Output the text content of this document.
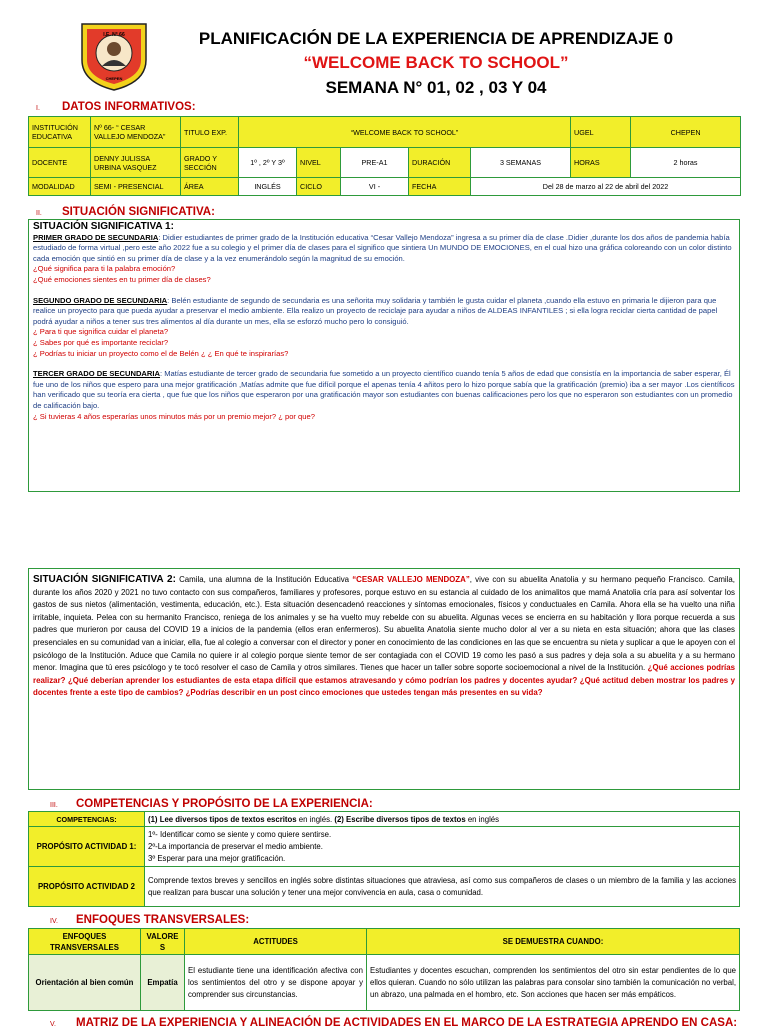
I.E. N° 66
CHEPEN
PLANIFICACIÓN DE LA EXPERIENCIA DE APRENDIZAJE 0
“WELCOME BACK TO SCHOOL”
SEMANA N° 01, 02 , 03 Y 04
I. DATOS INFORMATIVOS:
INSTITUCIÓN EDUCATIVA	Nº 66- “ CESAR VALLEJO MENDOZA”	TITULO EXP.	“WELCOME BACK TO SCHOOL”					UGEL	CHEPEN
DOCENTE	DENNY JULISSA URBINA VASQUEZ	GRADO Y SECCIÓN	1º , 2º Y 3º	NIVEL	PRE-A1	DURACIÓN	3 SEMANAS	HORAS	2 horas
MODALIDAD	SEMI - PRESENCIAL	ÁREA	INGLÉS	CICLO	VI -	FECHA	Del 28 de marzo al 22 de abril del 2022		
II. SITUACIÓN SIGNIFICATIVA:

SITUACIÓN SIGNIFICATIVA 1:

PRIMER GRADO DE SECUNDARIA: Didier estudiantes de primer grado de la Institución educativa “Cesar Vallejo Mendoza” ingresa a su primer día de clase .Didier ,durante los dos años de pandemia había estudiado de forma virtual ,pero este año 2022 fue a su colegio y el primer día de clases para el significo que sintiera Un MUNDO DE EMOCIONES, en el cual hizo una gráfica coloreando con un color distinto cada emoción que sintió en su primer día de clase y a la vez enumerándolo según la magnitud de su emoción.

¿Qué significa para ti la palabra emoción?

¿Qué emociones sientes en tu primer día de clases?

SEGUNDO GRADO DE SECUNDARIA: Belén estudiante de segundo de secundaria es una señorita muy solidaria y también le gusta cuidar el planeta ,cuando ella estuvo en primaria le dijieron para que realice un proyecto para que pueda ayudar a preservar el medio ambiente. Ella realizo un proyecto de reciclaje para ayudar a niños de ALDEAS INFANTILES ; si ella logra reciclar cierta cantidad de papel podrá ayudar a niños a tener sus tres alimentos al día durante un mes, ella se esforzó mucho pero lo consiguió.

¿ Para ti que significa cuidar el planeta?

¿ Sabes por qué es importante reciclar?

¿ Podrías tu iniciar un proyecto como el de Belén ¿ ¿ En qué te inspirarías?

TERCER GRADO DE SECUNDARIA: Matías estudiante de tercer grado de secundaria fue sometido a un proyecto científico cuando tenía 5 años de edad que consistía en la importancia de saber esperar, Él fue uno de los niños que espero para una mejor gratificación ,Matías admite que fue difícil porque el apenas tenía 4 añitos pero lo hizo porque sabía que la gratificación (premio) iba a ser mayor .Los científicos han verificado que su teoría era cierta , que fue que los niños que esperaron por una gratificación mayor son estudiantes con buenas calificaciones pero los que no esperaron son estudiantes con un promedio de calificación bajo.

¿ Si tuvieras 4 años esperarías unos minutos más por un premio mejor? ¿ por que?

SITUACIÓN SIGNIFICATIVA 2: Camila, una alumna de la Institución Educativa “CESAR VALLEJO MENDOZA”, vive con su abuelita Anatolia y su hermano pequeño Francisco. Camila, durante los años 2020 y 2021 no tuvo contacto con sus compañeros, familiares y profesores, porque estuvo en su estancia al cuidado de los animalitos que mamá Anatolia cría para así solventar los gastos de sus nietos (alimentación, vestimenta, educación, etc.). Esta situación desencadenó reacciones y síntomas emocionales, físicos y conductuales en Camila. Ahora ella se ha vuelto una niña irritable, inquieta. Pelea con su hermanito Francisco, reniega de los animales y se ha vuelto muy rebelde con su abuelita. Algunas veces se encierra en su habitación y llora porque recuerda a sus padres que murieron por causa del COVID 19 a inicios de la pandemia (ellos eran enfermeros). Su abuelita Anatolia siente mucho dolor al ver a su nieta en esta situación; ahora que las clases presenciales en su comunidad van a iniciar, ella, fue al colegio a conversar con el director y poner en conocimiento de las condiciones en las que se encuentra su nieta y suplicar a que le apoyen con el psicólogo de la Institución. Aduce que Camila no quiere ir al colegio porque siente temor de ser contagiada con el COVID 19 como les pasó a sus padres y deja sola a su abuelita y a su hermano menor. Imagina que tú eres psicólogo y te tocó resolver el caso de Camila y otros similares. Tienes que hacer un taller sobre soporte socioemocional a nivel de la Institución. ¿Qué acciones podrías realizar? ¿Qué deberían aprender los estudiantes de esta etapa difícil que estamos atravesando y cómo podrían los padres y docentes ayudar? ¿Qué actitud deben mostrar los padres y docentes frente a este tipo de cambios? ¿Podrías describir en un post cinco emociones que ustedes tengan más presentes en su vida?

III. COMPETENCIAS Y PROPÓSITO DE LA EXPERIENCIA:
COMPETENCIAS:	(1) Lee diversos tipos de textos escritos en inglés. (2) Escribe diversos tipos de textos en inglés
PROPÓSITO ACTIVIDAD 1:	1º- Identificar como se siente y como quiere sentirse.
2º-La importancia de preservar el medio ambiente.
3º Esperar para una mejor gratificación.

PROPÓSITO ACTIVIDAD 2	Comprende textos breves y sencillos en inglés sobre distintas situaciones que atraviesa, así como sus compañeros de clases o un miembro de la familia y las acciones que realizan para buscar una solución y tener una mejor convivencia en aula, casa o comunidad.
IV. ENFOQUES TRANSVERSALES:
ENFOQUES TRANSVERSALES	VALORES	ACTITUDES	SE DEMUESTRA CUANDO:
Orientación al bien común	Empatía	El estudiante tiene una identificación afectiva con los sentimientos del otro y se dispone apoyar y comprender sus circunstancias.	Estudiantes y docentes escuchan, comprenden los sentimientos del otro sin estar pendientes de lo que ellos quieran. Cuando no sólo utilizan las palabras para consolar sino también la comunicación no verbal, un abrazo, una palmada en el hombro, etc. Son acciones que hacen ser más empáticos.
V. MATRIZ DE LA EXPERIENCIA Y ALINEACIÓN DE ACTIVIDADES EN EL MARCO DE LA ESTRATEGIA APRENDO EN CASA:
